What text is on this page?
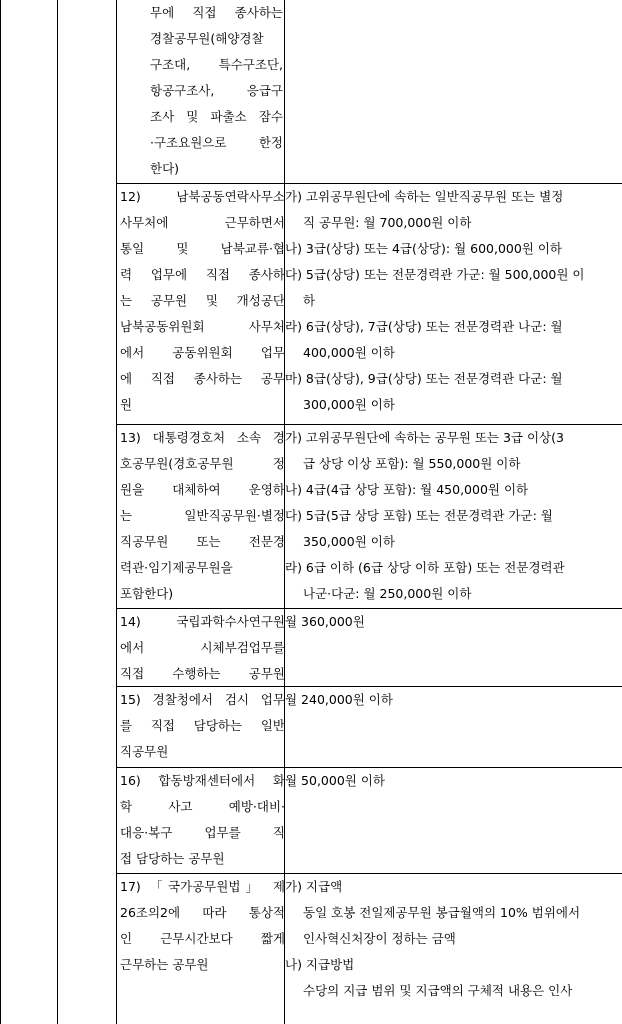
무에 직접 종사하는
경찰공무원(해양경찰
구조대, 특수구조단,
항공구조사, 응급구
조사 및 파출소 잠수
·구조요원으로 한정
한다)
12) 남북공동연락사무소
사무처에 근무하면서
통일 및 남북교류·협
력 업무에 직접 종사하
는 공무원 및 개성공단
남북공동위원회 사무처
에서 공동위원회 업무
에 직접 종사하는 공무
원
가) 고위공무원단에 속하는 일반직공무원 또는 별정
직 공무원: 월 700,000원 이하
나) 3급(상당) 또는 4급(상당): 월 600,000원 이하
다) 5급(상당) 또는 전문경력관 가군: 월 500,000원 이
하
라) 6급(상당), 7급(상당) 또는 전문경력관 나군: 월
400,000원 이하
마) 8급(상당), 9급(상당) 또는 전문경력관 다군: 월
300,000원 이하
13) 대통령경호처 소속 경
호공무원(경호공무원 정
원을 대체하여 운영하
는 일반직공무원·별정
직공무원 또는 전문경
력관·임기제공무원을
포함한다)
가) 고위공무원단에 속하는 공무원 또는 3급 이상(3
급 상당 이상 포함): 월 550,000원 이하
나) 4급(4급 상당 포함): 월 450,000원 이하
다) 5급(5급 상당 포함) 또는 전문경력관 가군: 월
350,000원 이하
라) 6급 이하 (6급 상당 이하 포함) 또는 전문경력관
나군·다군: 월 250,000원 이하
14) 국립과학수사연구원
에서 시체부검업무를
직접 수행하는 공무원
월 360,000원
15) 경찰청에서 검시 업무
를 직접 담당하는 일반
직공무원
월 240,000원 이하
16) 합동방재센터에서 화
학 사고 예방·대비·
대응·복구 업무를 직
접 담당하는 공무원
월 50,000원 이하
17) 「국가공무원법」 제
26조의2에 따라 통상적
인 근무시간보다 짧게
근무하는 공무원
가) 지급액
동일 호봉 전일제공무원 봉급월액의 10% 범위에서
인사혁신처장이 정하는 금액
나) 지급방법
수당의 지급 범위 및 지급액의 구체적 내용은 인사
